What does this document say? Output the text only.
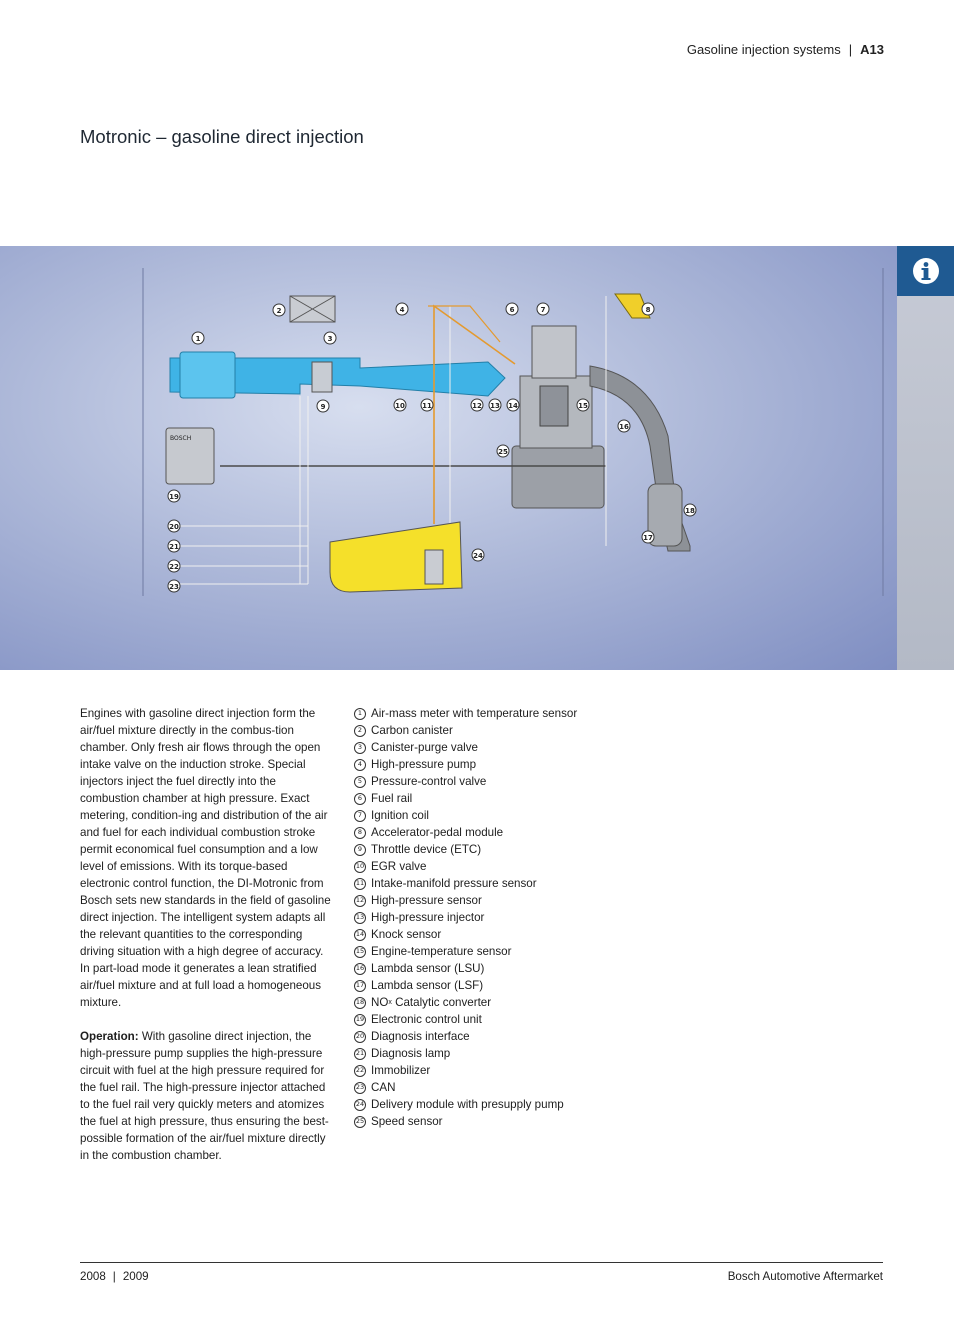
Gasoline injection systems | A13
Motronic – gasoline direct injection
BOSCH
1
2
3
4	6	7	8
9	10 11	12 13 14	15
16
17
18
19
20
21
22
23
24
25

Engines with gasoline direct injection form the air/fuel mixture directly in the combus-tion chamber. Only fresh air flows through the open intake valve on the induction stroke. Special injectors inject the fuel directly into the combustion chamber at high pressure. Exact metering, condition-ing and distribution of the air and fuel for each individual combustion stroke permit economical fuel consumption and a low level of emissions. With its torque-based electronic control function, the DI-Motronic from Bosch sets new standards in the field of gasoline direct injection. The intelligent system adapts all the relevant quantities to the corresponding driving situation with a high degree of accuracy. In part-load mode it generates a lean stratified air/fuel mixture and at full load a homogeneous mixture.

Operation: With gasoline direct injection, the high-pressure pump supplies the high-pressure circuit with fuel at the high pressure required for the fuel rail. The high-pressure injector attached to the fuel rail very quickly meters and atomizes the fuel at high pressure, thus ensuring the best-possible formation of the air/fuel mixture directly in the combustion chamber.

1 Air-mass meter with temperature sensor
2 Carbon canister
3 Canister-purge valve
4 High-pressure pump
5 Pressure-control valve
6 Fuel rail
7 Ignition coil
8 Accelerator-pedal module
9 Throttle device (ETC)
10 EGR valve
11 Intake-manifold pressure sensor
12 High-pressure sensor
13 High-pressure injector
14 Knock sensor
15 Engine-temperature sensor
16 Lambda sensor (LSU)
17 Lambda sensor (LSF)
18 NO x Catalytic converter
19 Electronic control unit
20 Diagnosis interface
21 Diagnosis lamp
22 Immobilizer
23 CAN
24 Delivery module with presupply pump
25 Speed sensor
2008 | 2009	Bosch Automotive Aftermarket
